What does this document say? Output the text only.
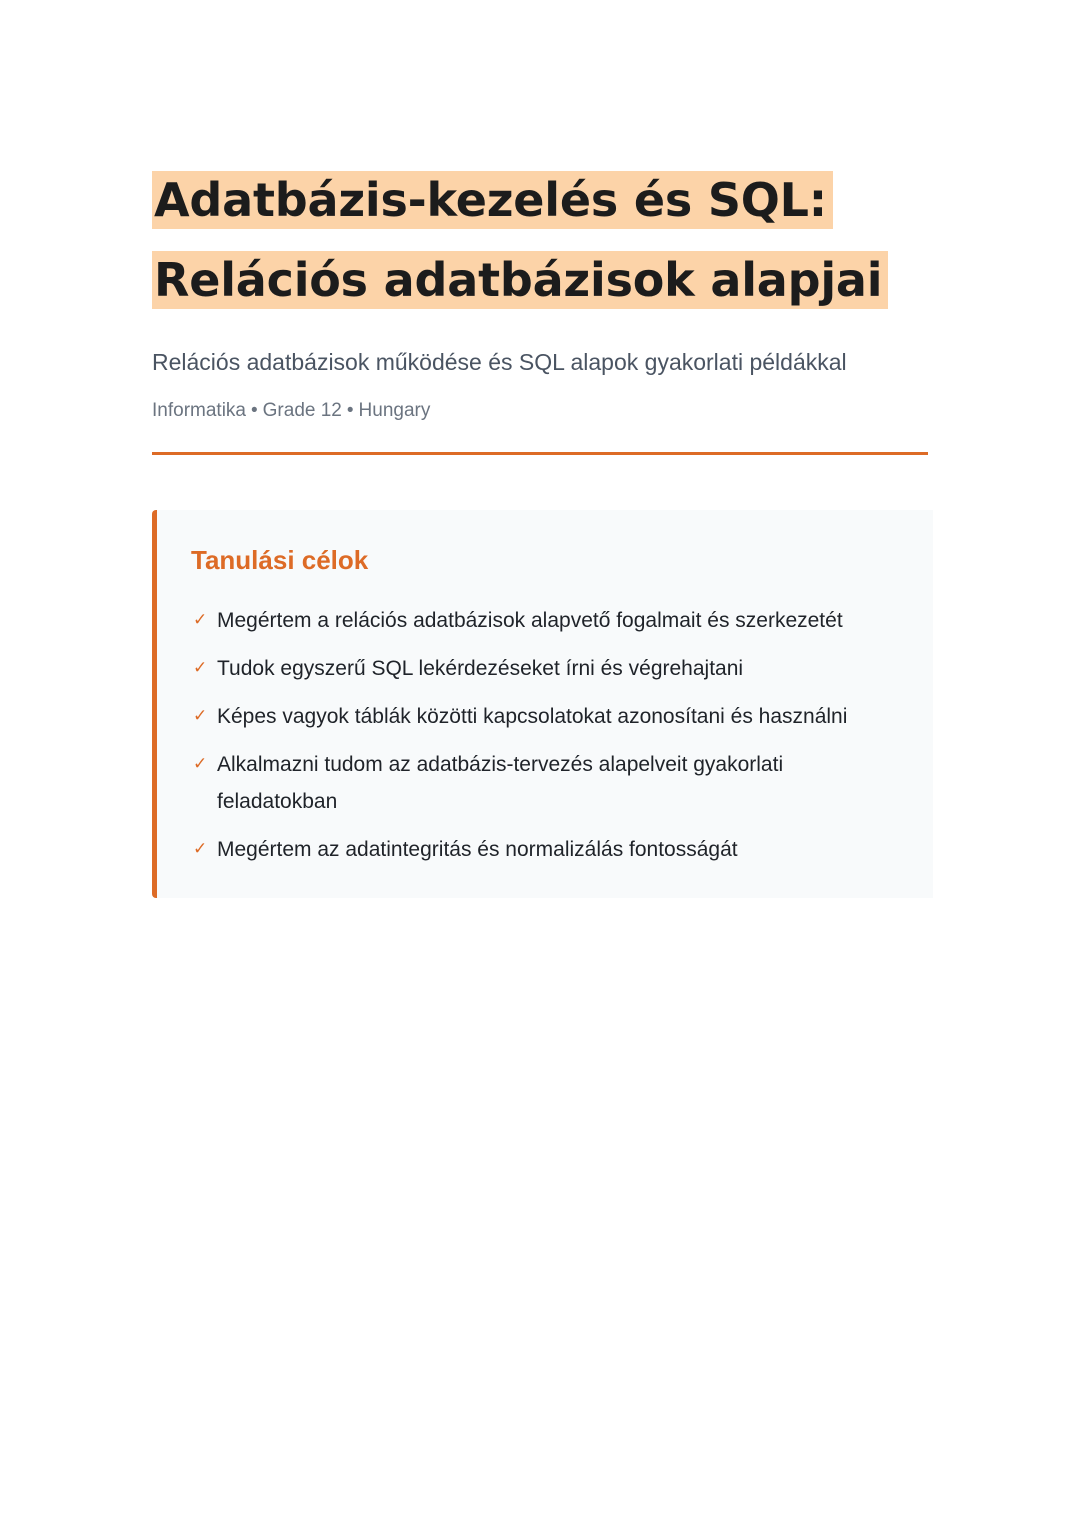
Adatbázis-kezelés és SQL:
Relációs adatbázisok alapjai

Relációs adatbázisok működése és SQL alapok gyakorlati példákkal

Informatika • Grade 12 • Hungary

Tanulási célok
✓ Megértem a relációs adatbázisok alapvető fogalmait és szerkezetét
✓ Tudok egyszerű SQL lekérdezéseket írni és végrehajtani
✓ Képes vagyok táblák közötti kapcsolatokat azonosítani és használni
✓ Alkalmazni tudom az adatbázis-tervezés alapelveit gyakorlati feladatokban
✓ Megértem az adatintegritás és normalizálás fontosságát
